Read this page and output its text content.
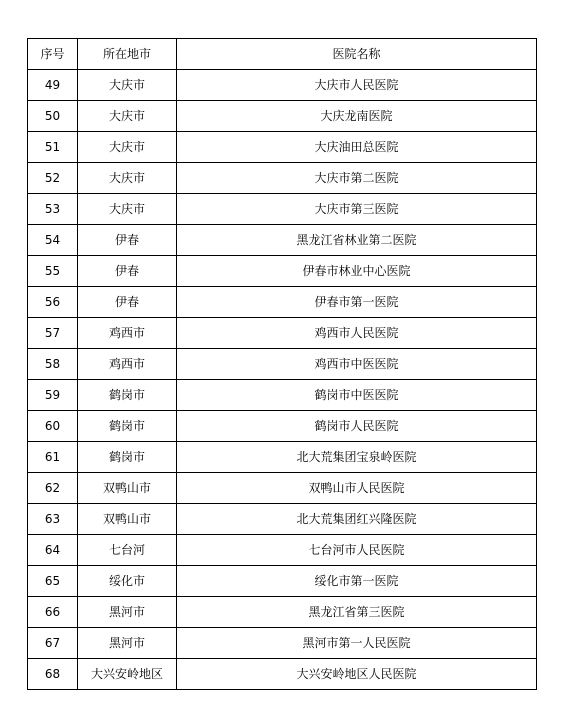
序号	所在地市	医院名称
49	大庆市	大庆市人民医院
50	大庆市	大庆龙南医院
51	大庆市	大庆油田总医院
52	大庆市	大庆市第二医院
53	大庆市	大庆市第三医院
54	伊春	黑龙江省林业第二医院
55	伊春	伊春市林业中心医院
56	伊春	伊春市第一医院
57	鸡西市	鸡西市人民医院
58	鸡西市	鸡西市中医医院
59	鹤岗市	鹤岗市中医医院
60	鹤岗市	鹤岗市人民医院
61	鹤岗市	北大荒集团宝泉岭医院
62	双鸭山市	双鸭山市人民医院
63	双鸭山市	北大荒集团红兴隆医院
64	七台河	七台河市人民医院
65	绥化市	绥化市第一医院
66	黑河市	黑龙江省第三医院
67	黑河市	黑河市第一人民医院
68	大兴安岭地区	大兴安岭地区人民医院
